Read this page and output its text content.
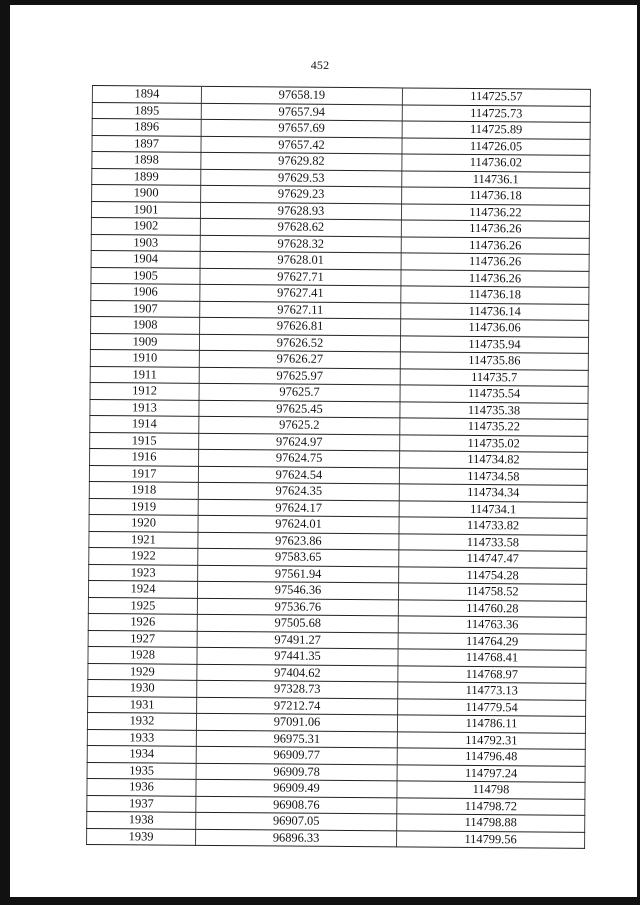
452
1894	97658.19	114725.57
1895	97657.94	114725.73
1896	97657.69	114725.89
1897	97657.42	114726.05
1898	97629.82	114736.02
1899	97629.53	114736.1
1900	97629.23	114736.18
1901	97628.93	114736.22
1902	97628.62	114736.26
1903	97628.32	114736.26
1904	97628.01	114736.26
1905	97627.71	114736.26
1906	97627.41	114736.18
1907	97627.11	114736.14
1908	97626.81	114736.06
1909	97626.52	114735.94
1910	97626.27	114735.86
1911	97625.97	114735.7
1912	97625.7	114735.54
1913	97625.45	114735.38
1914	97625.2	114735.22
1915	97624.97	114735.02
1916	97624.75	114734.82
1917	97624.54	114734.58
1918	97624.35	114734.34
1919	97624.17	114734.1
1920	97624.01	114733.82
1921	97623.86	114733.58
1922	97583.65	114747.47
1923	97561.94	114754.28
1924	97546.36	114758.52
1925	97536.76	114760.28
1926	97505.68	114763.36
1927	97491.27	114764.29
1928	97441.35	114768.41
1929	97404.62	114768.97
1930	97328.73	114773.13
1931	97212.74	114779.54
1932	97091.06	114786.11
1933	96975.31	114792.31
1934	96909.77	114796.48
1935	96909.78	114797.24
1936	96909.49	114798
1937	96908.76	114798.72
1938	96907.05	114798.88
1939	96896.33	114799.56
